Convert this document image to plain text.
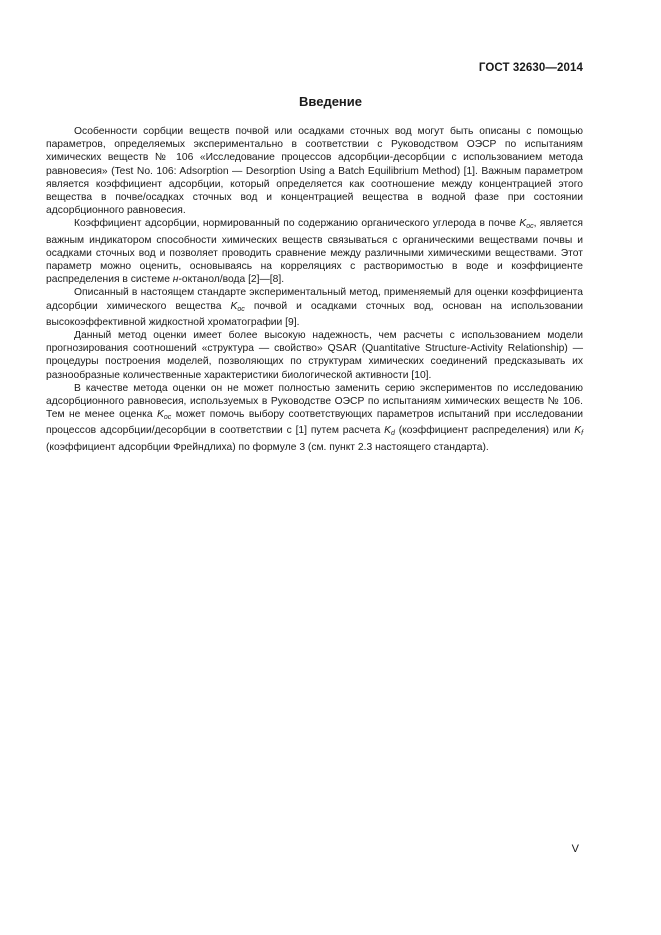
ГОСТ 32630—2014
Введение

Особенности сорбции веществ почвой или осадками сточных вод могут быть описаны с помощью параметров, определяемых экспериментально в соответствии с Руководством ОЭСР по испытаниям химических веществ № 106 «Исследование процессов адсорбции-десорбции с использованием метода равновесия» (Test No. 106: Adsorption — Desorption Using a Batch Equilibrium Method) [1]. Важным параметром является коэффициент адсорбции, который определяется как соотношение между концентрацией этого вещества в почве/осадках сточных вод и концентрацией вещества в водной фазе при состоянии адсорбционного равновесия.

Коэффициент адсорбции, нормированный по содержанию органического углерода в почве $K_{oc}$, является важным индикатором способности химических веществ связываться с органическими веществами почвы и осадками сточных вод и позволяет проводить сравнение между различными химическими веществами. Этот параметр можно оценить, основываясь на корреляциях с растворимостью в воде и коэффициенте распределения в системе н-октанол/вода [2]—[8].

Описанный в настоящем стандарте экспериментальный метод, применяемый для оценки коэффициента адсорбции химического вещества $K_{oc}$ почвой и осадками сточных вод, основан на использовании высокоэффективной жидкостной хроматографии [9].

Данный метод оценки имеет более высокую надежность, чем расчеты с использованием модели прогнозирования соотношений «структура — свойство» QSAR (Quantitative Structure-Activity Relationship) — процедуры построения моделей, позволяющих по структурам химических соединений предсказывать их разнообразные количественные характеристики биологической активности [10].

В качестве метода оценки он не может полностью заменить серию экспериментов по исследованию адсорбционного равновесия, используемых в Руководстве ОЭСР по испытаниям химических веществ № 106. Тем не менее оценка $K_{oc}$ может помочь выбору соответствующих параметров испытаний при исследовании процессов адсорбции/десорбции в соответствии с [1] путем расчета $K_d$ (коэффициент распределения) или $K_f$ (коэффициент адсорбции Фрейндлиха) по формуле 3 (см. пункт 2.3 настоящего стандарта).

V
